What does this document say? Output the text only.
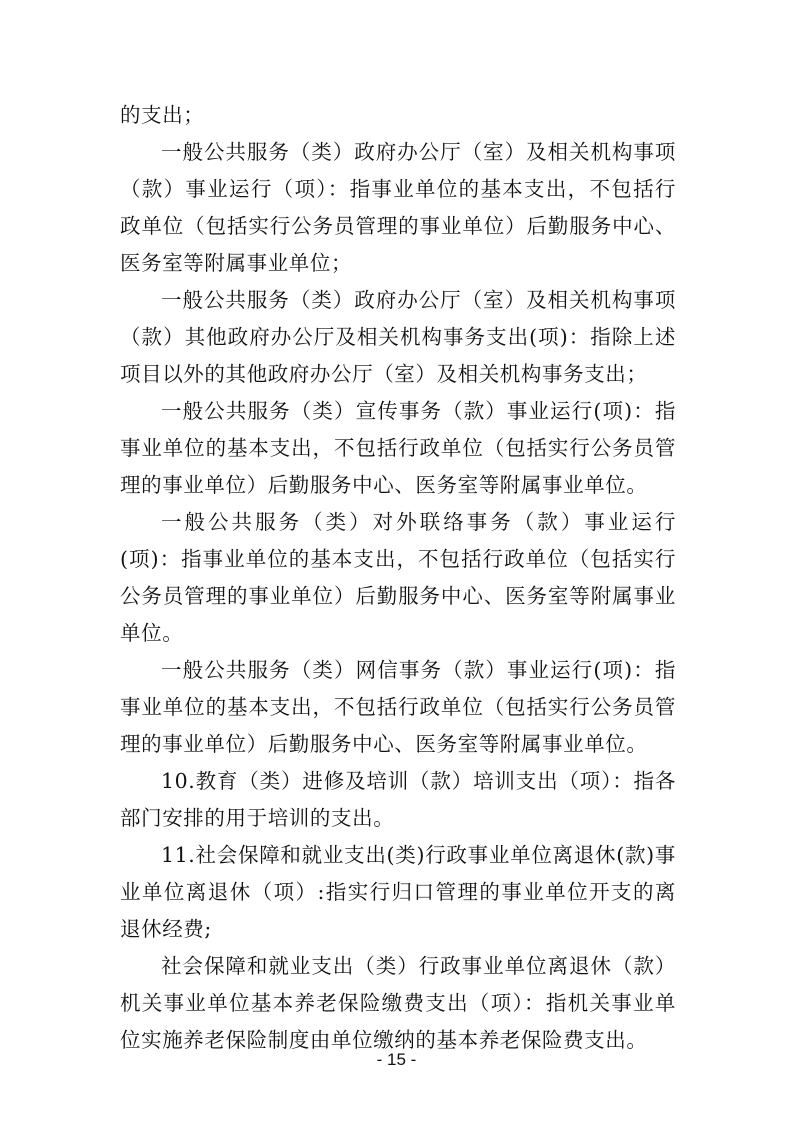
的支出；

一般公共服务（类）政府办公厅（室）及相关机构事项（款）事业运行（项）：指事业单位的基本支出，不包括行政单位（包括实行公务员管理的事业单位）后勤服务中心、医务室等附属事业单位；

一般公共服务（类）政府办公厅（室）及相关机构事项（款）其他政府办公厅及相关机构事务支出(项)：指除上述项目以外的其他政府办公厅（室）及相关机构事务支出；

一般公共服务（类）宣传事务（款）事业运行(项)：指事业单位的基本支出，不包括行政单位（包括实行公务员管理的事业单位）后勤服务中心、医务室等附属事业单位。

一般公共服务（类）对外联络事务（款）事业运行(项)：指事业单位的基本支出，不包括行政单位（包括实行公务员管理的事业单位）后勤服务中心、医务室等附属事业单位。

一般公共服务（类）网信事务（款）事业运行(项)：指事业单位的基本支出，不包括行政单位（包括实行公务员管理的事业单位）后勤服务中心、医务室等附属事业单位。

10.教育（类）进修及培训（款）培训支出（项）：指各部门安排的用于培训的支出。

11.社会保障和就业支出(类)行政事业单位离退休(款)事业单位离退休（项）:指实行归口管理的事业单位开支的离退休经费;

社会保障和就业支出（类）行政事业单位离退休（款）机关事业单位基本养老保险缴费支出（项）：指机关事业单位实施养老保险制度由单位缴纳的基本养老保险费支出。

- 15 -
